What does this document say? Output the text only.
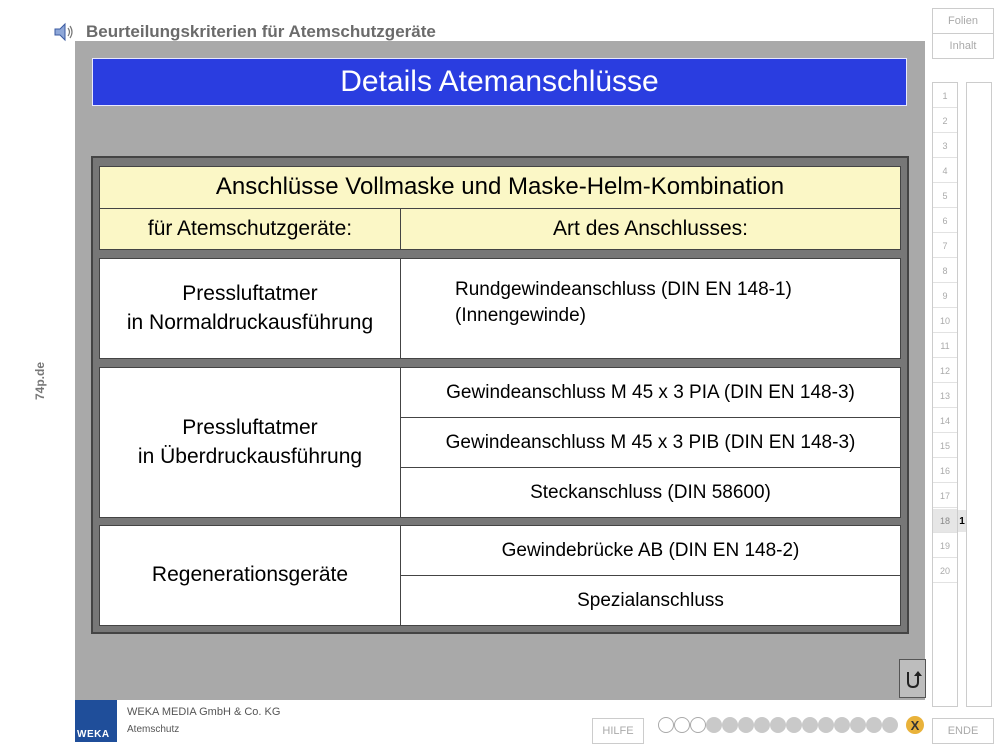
Beurteilungskriterien für Atemschutzgeräte
74p.de
Details Atemanschlüsse
Anschlüsse Vollmaske und Maske-Helm-Kombination
für Atemschutzgeräte:	Art des Anschlusses:
Pressluftatmer
in Normaldruckausführung
Rundgewindeanschluss (DIN EN 148-1)
(Innengewinde)
Pressluftatmer
in Überdruckausführung
Gewindeanschluss M 45 x 3 PIA (DIN EN 148-3)
Gewindeanschluss M 45 x 3 PIB (DIN EN 148-3)
Steckanschluss (DIN 58600)
Regenerationsgeräte
Gewindebrücke AB (DIN EN 148-2)
Spezialanschluss
Folien
Inhalt
1
2
3
4
5
6
7
8
9
10
11
12
13
14
15
16
17
18
19
20
1
ENDE
HILFE
WEKA
WEKA MEDIA GmbH & Co. KG
Atemschutz	X
